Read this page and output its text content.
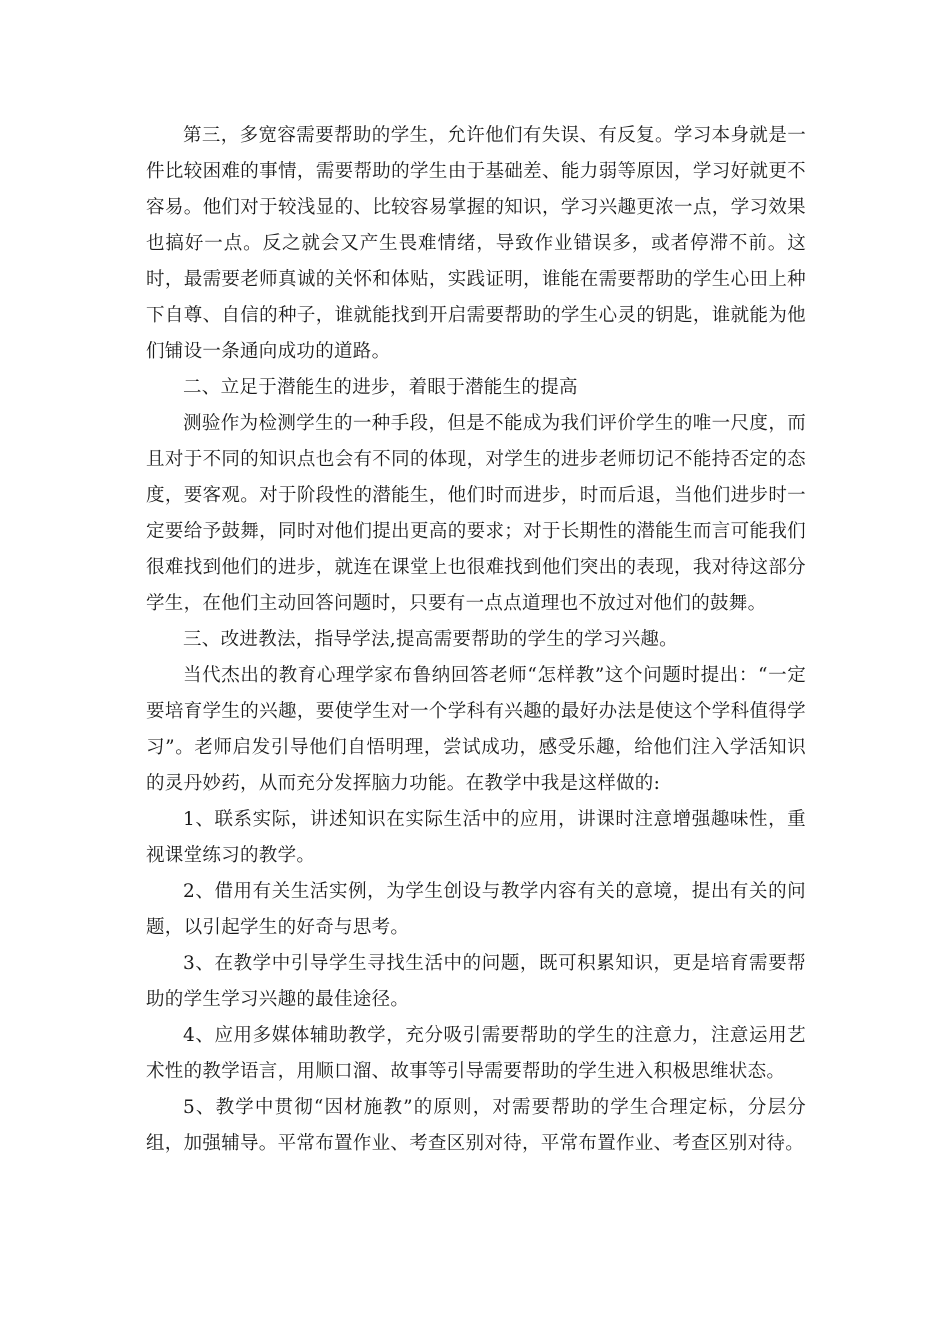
第三，多宽容需要帮助的学生，允许他们有失误、有反复。学习本身就是一件比较困难的事情，需要帮助的学生由于基础差、能力弱等原因，学习好就更不容易。他们对于较浅显的、比较容易掌握的知识，学习兴趣更浓一点，学习效果也搞好一点。反之就会又产生畏难情绪，导致作业错误多，或者停滞不前。这时，最需要老师真诚的关怀和体贴，实践证明，谁能在需要帮助的学生心田上种下自尊、自信的种子，谁就能找到开启需要帮助的学生心灵的钥匙，谁就能为他们铺设一条通向成功的道路。

二、立足于潜能生的进步，着眼于潜能生的提高

测验作为检测学生的一种手段，但是不能成为我们评价学生的唯一尺度，而且对于不同的知识点也会有不同的体现，对学生的进步老师切记不能持否定的态度，要客观。对于阶段性的潜能生，他们时而进步，时而后退，当他们进步时一定要给予鼓舞，同时对他们提出更高的要求；对于长期性的潜能生而言可能我们很难找到他们的进步，就连在课堂上也很难找到他们突出的表现，我对待这部分学生，在他们主动回答问题时，只要有一点点道理也不放过对他们的鼓舞。

三、改进教法，指导学法,提高需要帮助的学生的学习兴趣。

当代杰出的教育心理学家布鲁纳回答老师“怎样教”这个问题时提出：“一定要培育学生的兴趣，要使学生对一个学科有兴趣的最好办法是使这个学科值得学习”。老师启发引导他们自悟明理，尝试成功，感受乐趣，给他们注入学活知识的灵丹妙药，从而充分发挥脑力功能。在教学中我是这样做的:

1、联系实际，讲述知识在实际生活中的应用，讲课时注意增强趣味性，重视课堂练习的教学。

2、借用有关生活实例，为学生创设与教学内容有关的意境，提出有关的问题，以引起学生的好奇与思考。

3、在教学中引导学生寻找生活中的问题，既可积累知识，更是培育需要帮助的学生学习兴趣的最佳途径。

4、应用多媒体辅助教学，充分吸引需要帮助的学生的注意力，注意运用艺术性的教学语言，用顺口溜、故事等引导需要帮助的学生进入积极思维状态。

5、教学中贯彻“因材施教”的原则，对需要帮助的学生合理定标，分层分组，加强辅导。平常布置作业、考查区别对待，平常布置作业、考查区别对待。
